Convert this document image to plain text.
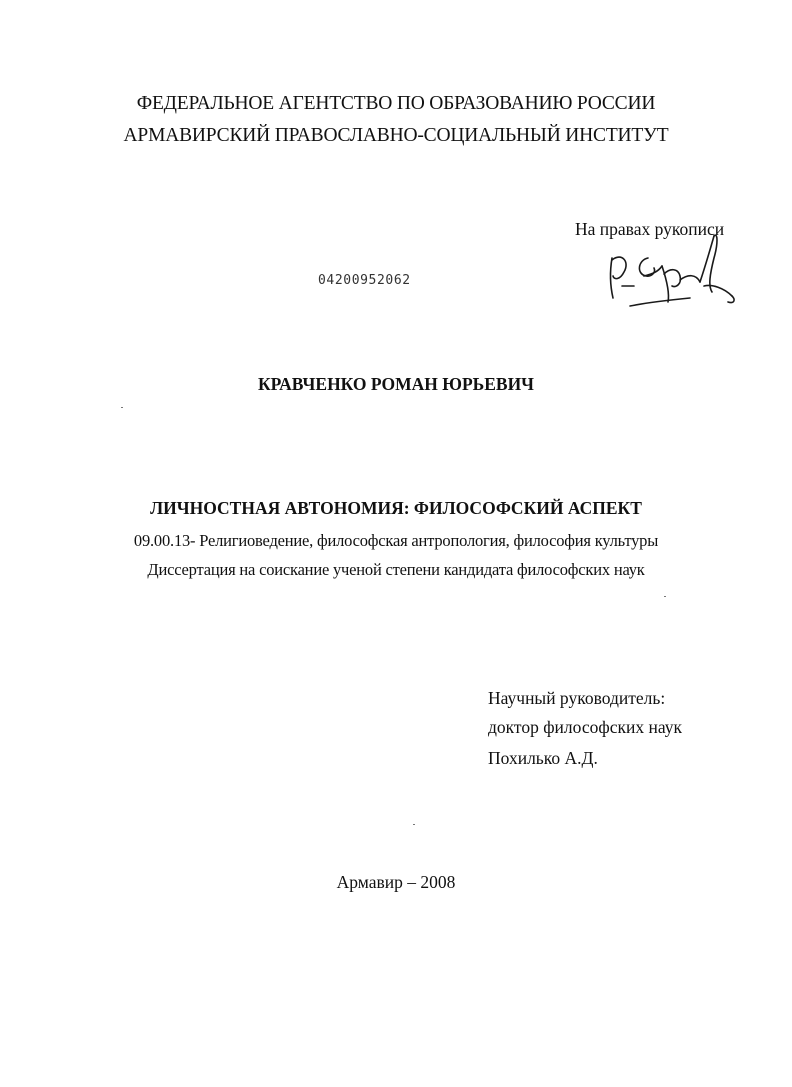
ФЕДЕРАЛЬНОЕ АГЕНТСТВО ПО ОБРАЗОВАНИЮ РОССИИ
АРМАВИРСКИЙ ПРАВОСЛАВНО-СОЦИАЛЬНЫЙ ИНСТИТУТ
На правах рукописи
04200952062
КРАВЧЕНКО РОМАН ЮРЬЕВИЧ
ЛИЧНОСТНАЯ АВТОНОМИЯ: ФИЛОСОФСКИЙ АСПЕКТ
09.00.13- Религиоведение, философская антропология, философия культуры
Диссертация на соискание ученой степени кандидата философских наук
Научный руководитель:
доктор философских наук
Похилько А.Д.
Армавир – 2008
